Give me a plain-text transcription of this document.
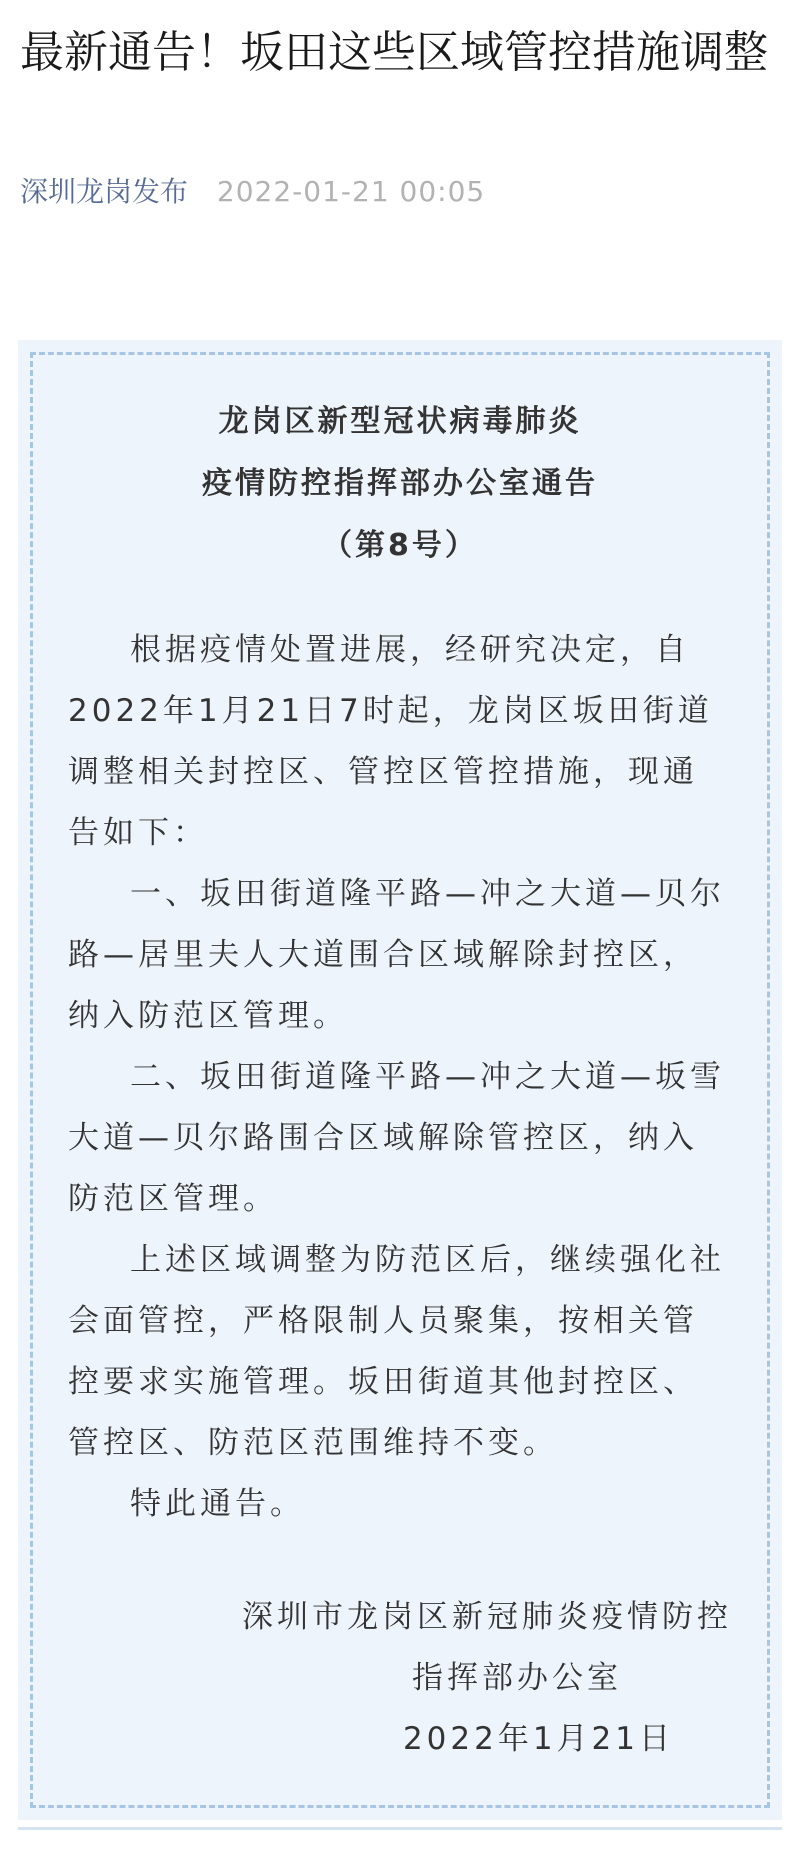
最新通告！坂田这些区域管控措施调整
深圳龙岗发布 2022-01-21 00:05
龙岗区新型冠状病毒肺炎
疫情防控指挥部办公室通告
（第8号）

根据疫情处置进展，经研究决定，自2022年1月21日7时起，龙岗区坂田街道调整相关封控区、管控区管控措施，现通告如下：

一、坂田街道隆平路—冲之大道—贝尔路—居里夫人大道围合区域解除封控区，纳入防范区管理。

二、坂田街道隆平路—冲之大道—坂雪大道—贝尔路围合区域解除管控区，纳入防范区管理。

上述区域调整为防范区后，继续强化社会面管控，严格限制人员聚集，按相关管控要求实施管理。坂田街道其他封控区、管控区、防范区范围维持不变。

特此通告。

深圳市龙岗区新冠肺炎疫情防控
指挥部办公室
2022年1月21日
